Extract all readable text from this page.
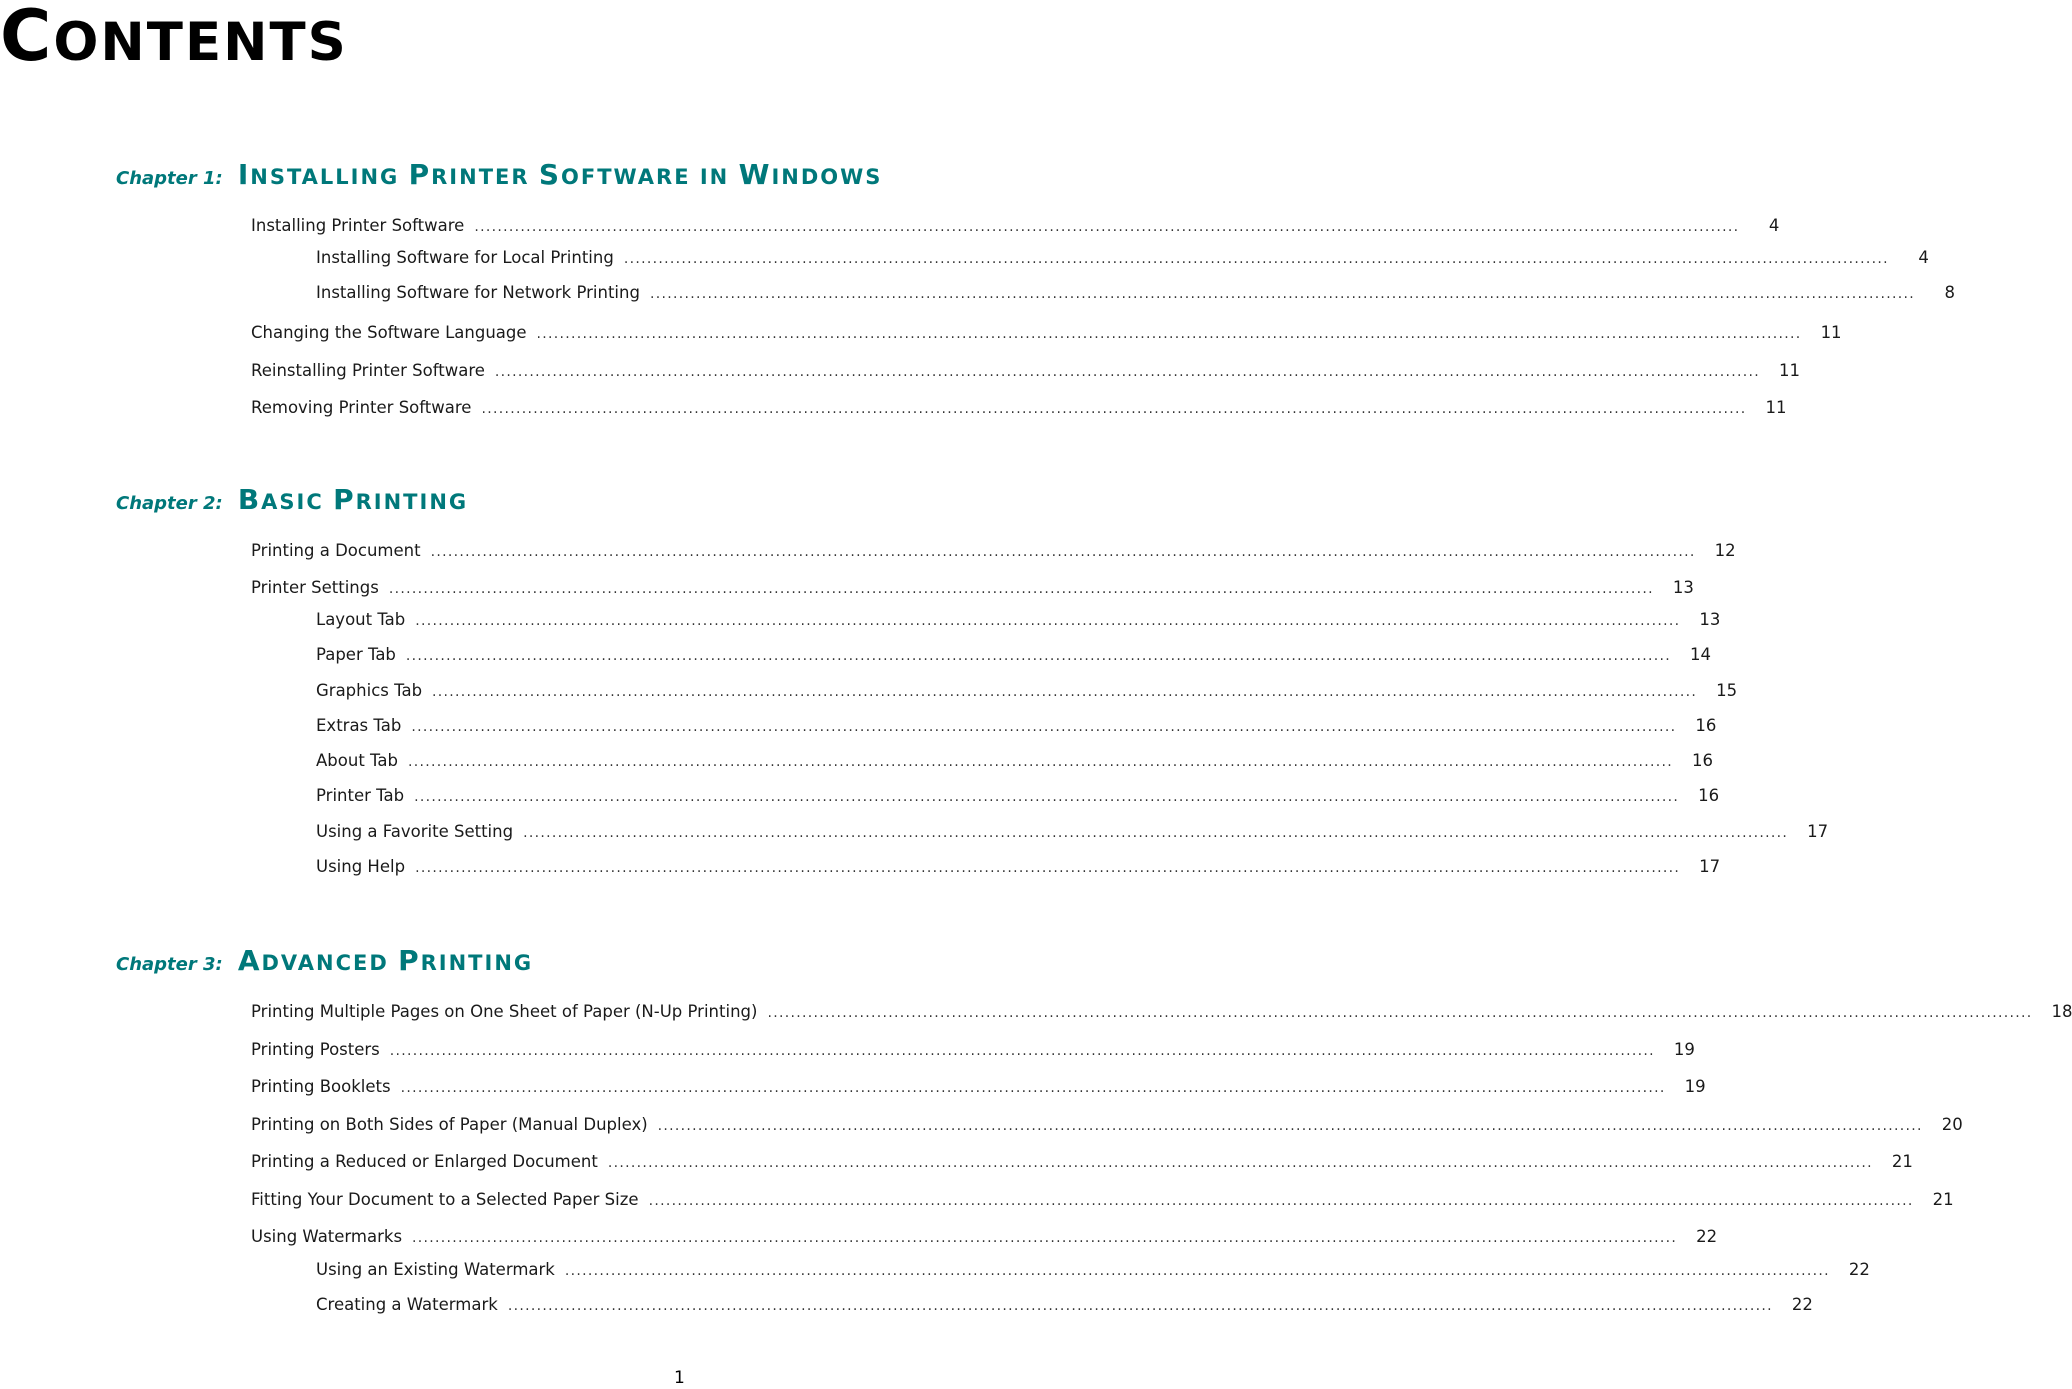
CONTENTS
Chapter 1: INSTALLING PRINTER SOFTWARE IN WINDOWS
Installing Printer Software ............................................................................................................................................................................................................................	4
Installing Software for Local Printing ............................................................................................................................................................................................................................	4
Installing Software for Network Printing ............................................................................................................................................................................................................................	8
Changing the Software Language ............................................................................................................................................................................................................................	11
Reinstalling Printer Software ............................................................................................................................................................................................................................	11
Removing Printer Software ............................................................................................................................................................................................................................	11
Chapter 2: BASIC PRINTING
Printing a Document ............................................................................................................................................................................................................................	12
Printer Settings ............................................................................................................................................................................................................................	13
Layout Tab ............................................................................................................................................................................................................................	13
Paper Tab ............................................................................................................................................................................................................................	14
Graphics Tab ............................................................................................................................................................................................................................	15
Extras Tab ............................................................................................................................................................................................................................	16
About Tab ............................................................................................................................................................................................................................	16
Printer Tab ............................................................................................................................................................................................................................	16
Using a Favorite Setting ............................................................................................................................................................................................................................	17
Using Help ............................................................................................................................................................................................................................	17
Chapter 3: ADVANCED PRINTING
Printing Multiple Pages on One Sheet of Paper (N-Up Printing) ............................................................................................................................................................................................................................	18
Printing Posters ............................................................................................................................................................................................................................	19
Printing Booklets ............................................................................................................................................................................................................................	19
Printing on Both Sides of Paper (Manual Duplex) ............................................................................................................................................................................................................................	20
Printing a Reduced or Enlarged Document ............................................................................................................................................................................................................................	21
Fitting Your Document to a Selected Paper Size ............................................................................................................................................................................................................................	21
Using Watermarks ............................................................................................................................................................................................................................	22
Using an Existing Watermark ............................................................................................................................................................................................................................	22
Creating a Watermark ............................................................................................................................................................................................................................	22
1
